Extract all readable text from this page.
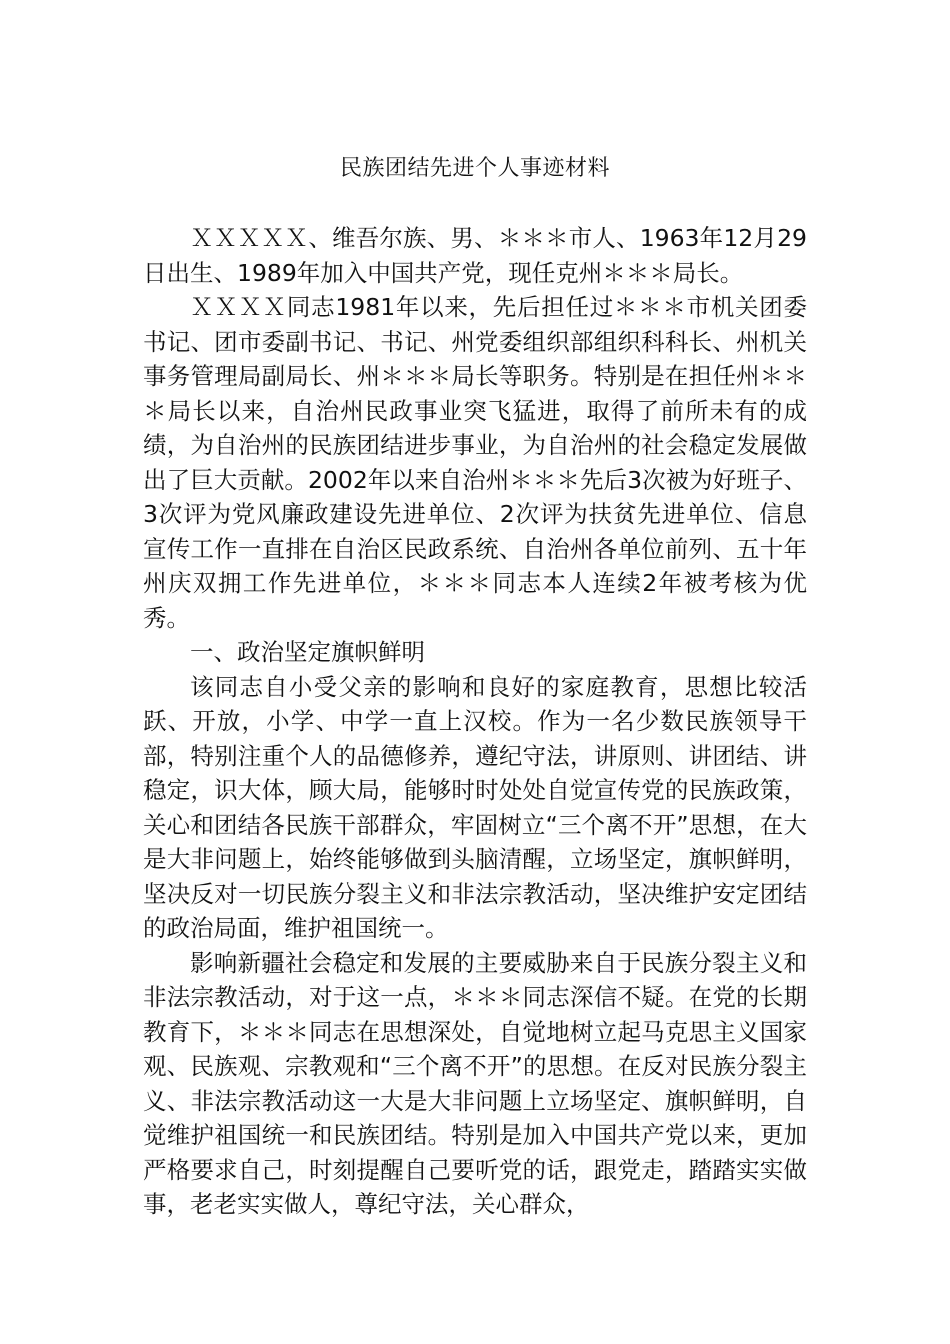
民族团结先进个人事迹材料

ＸＸＸＸＸ、维吾尔族、男、＊＊＊市人、1963年12月29日出生、1989年加入中国共产党，现任克州＊＊＊局长。

ＸＸＸＸ同志1981年以来，先后担任过＊＊＊市机关团委书记、团市委副书记、书记、州党委组织部组织科科长、州机关事务管理局副局长、州＊＊＊局长等职务。特别是在担任州＊＊＊局长以来，自治州民政事业突飞猛进，取得了前所未有的成绩，为自治州的民族团结进步事业，为自治州的社会稳定发展做出了巨大贡献。2002年以来自治州＊＊＊先后3次被为好班子、3次评为党风廉政建设先进单位、2次评为扶贫先进单位、信息宣传工作一直排在自治区民政系统、自治州各单位前列、五十年州庆双拥工作先进单位，＊＊＊同志本人连续2年被考核为优秀。

一、政治坚定旗帜鲜明

该同志自小受父亲的影响和良好的家庭教育，思想比较活跃、开放，小学、中学一直上汉校。作为一名少数民族领导干部，特别注重个人的品德修养，遵纪守法，讲原则、讲团结、讲稳定，识大体，顾大局，能够时时处处自觉宣传党的民族政策，关心和团结各民族干部群众，牢固树立“三个离不开”思想，在大是大非问题上，始终能够做到头脑清醒，立场坚定，旗帜鲜明，坚决反对一切民族分裂主义和非法宗教活动，坚决维护安定团结的政治局面，维护祖国统一。

影响新疆社会稳定和发展的主要威胁来自于民族分裂主义和非法宗教活动，对于这一点，＊＊＊同志深信不疑。在党的长期教育下，＊＊＊同志在思想深处，自觉地树立起马克思主义国家观、民族观、宗教观和“三个离不开”的思想。在反对民族分裂主义、非法宗教活动这一大是大非问题上立场坚定、旗帜鲜明，自觉维护祖国统一和民族团结。特别是加入中国共产党以来，更加严格要求自己，时刻提醒自己要听党的话，跟党走，踏踏实实做事，老老实实做人，尊纪守法，关心群众，
